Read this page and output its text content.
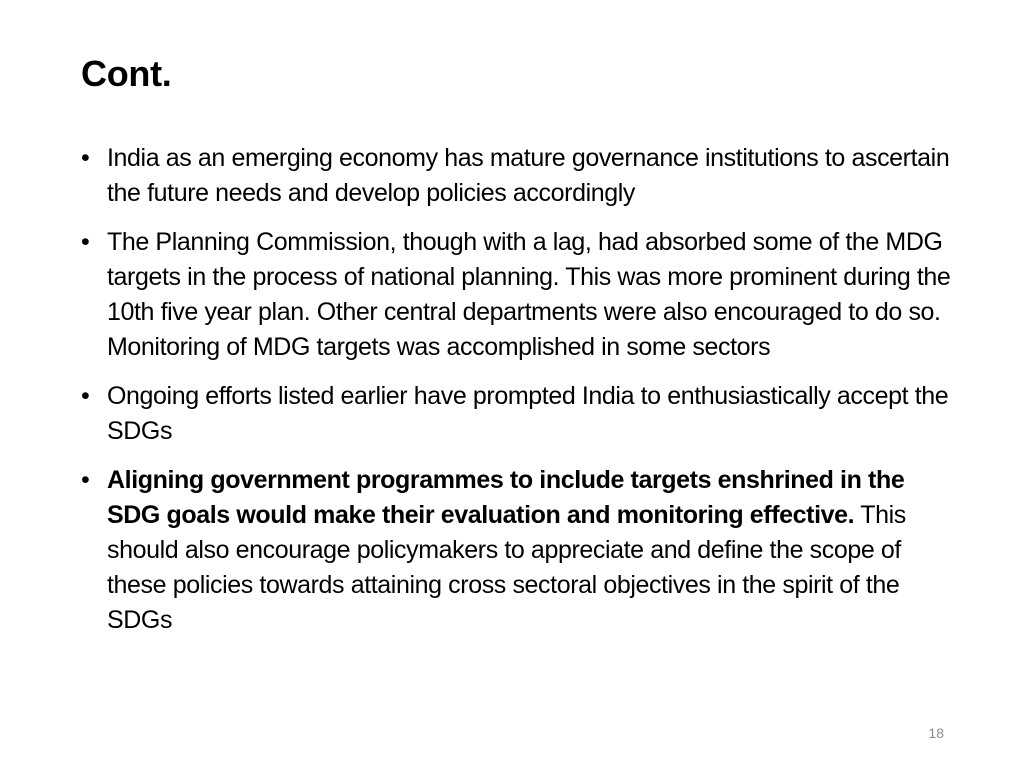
Cont.
• India as an emerging economy has mature governance institutions to ascertain the future needs and develop policies accordingly
• The Planning Commission, though with a lag, had absorbed some of the MDG targets in the process of national planning. This was more prominent during the 10th five year plan. Other central departments were also encouraged to do so. Monitoring of MDG targets was accomplished in some sectors
• Ongoing efforts listed earlier have prompted India to enthusiastically accept the SDGs
• Aligning government programmes to include targets enshrined in the SDG goals would make their evaluation and monitoring effective. This should also encourage policymakers to appreciate and define the scope of these policies towards attaining cross sectoral objectives in the spirit of the SDGs
18
